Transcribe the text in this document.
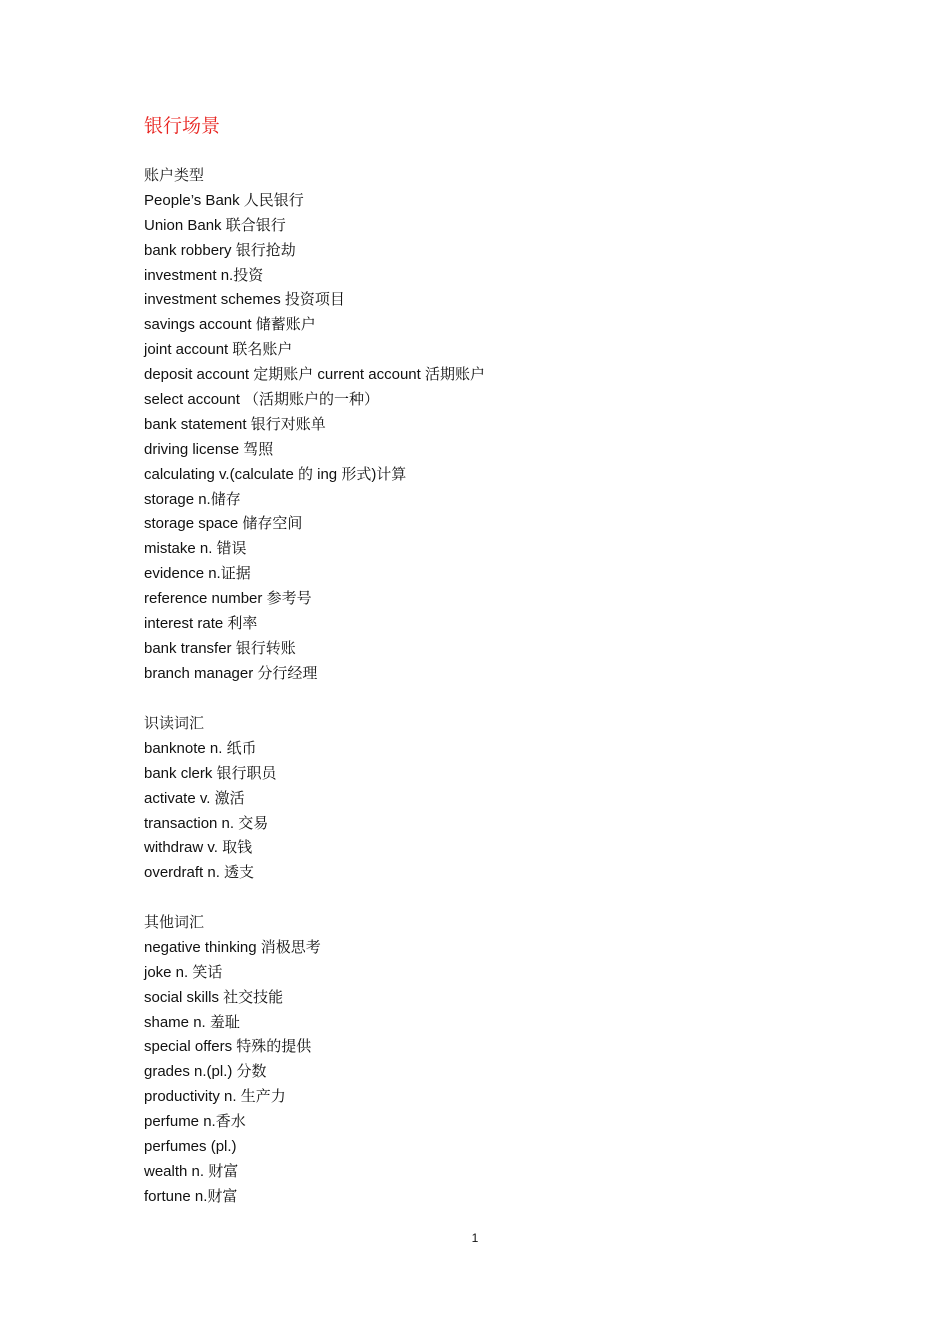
银行场景
账户类型
People’s Bank 人民银行
Union Bank 联合银行
bank robbery 银行抢劫
investment n.投资
investment schemes 投资项目
savings account 储蓄账户
joint account 联名账户
deposit account 定期账户 current account 活期账户
select account （活期账户的一种）
bank statement 银行对账单
driving license 驾照
calculating v.(calculate 的 ing 形式)计算
storage n.储存
storage space 储存空间
mistake n. 错误
evidence n.证据
reference number 参考号
interest rate 利率
bank transfer 银行转账
branch manager 分行经理
识读词汇
banknote n. 纸币
bank clerk 银行职员
activate v. 激活
transaction n. 交易
withdraw v. 取钱
overdraft n. 透支
其他词汇
negative thinking 消极思考
joke n. 笑话
social skills 社交技能
shame n. 羞耻
special offers 特殊的提供
grades n.(pl.) 分数
productivity n. 生产力
perfume n.香水
perfumes (pl.)
wealth n. 财富
fortune n.财富
1
